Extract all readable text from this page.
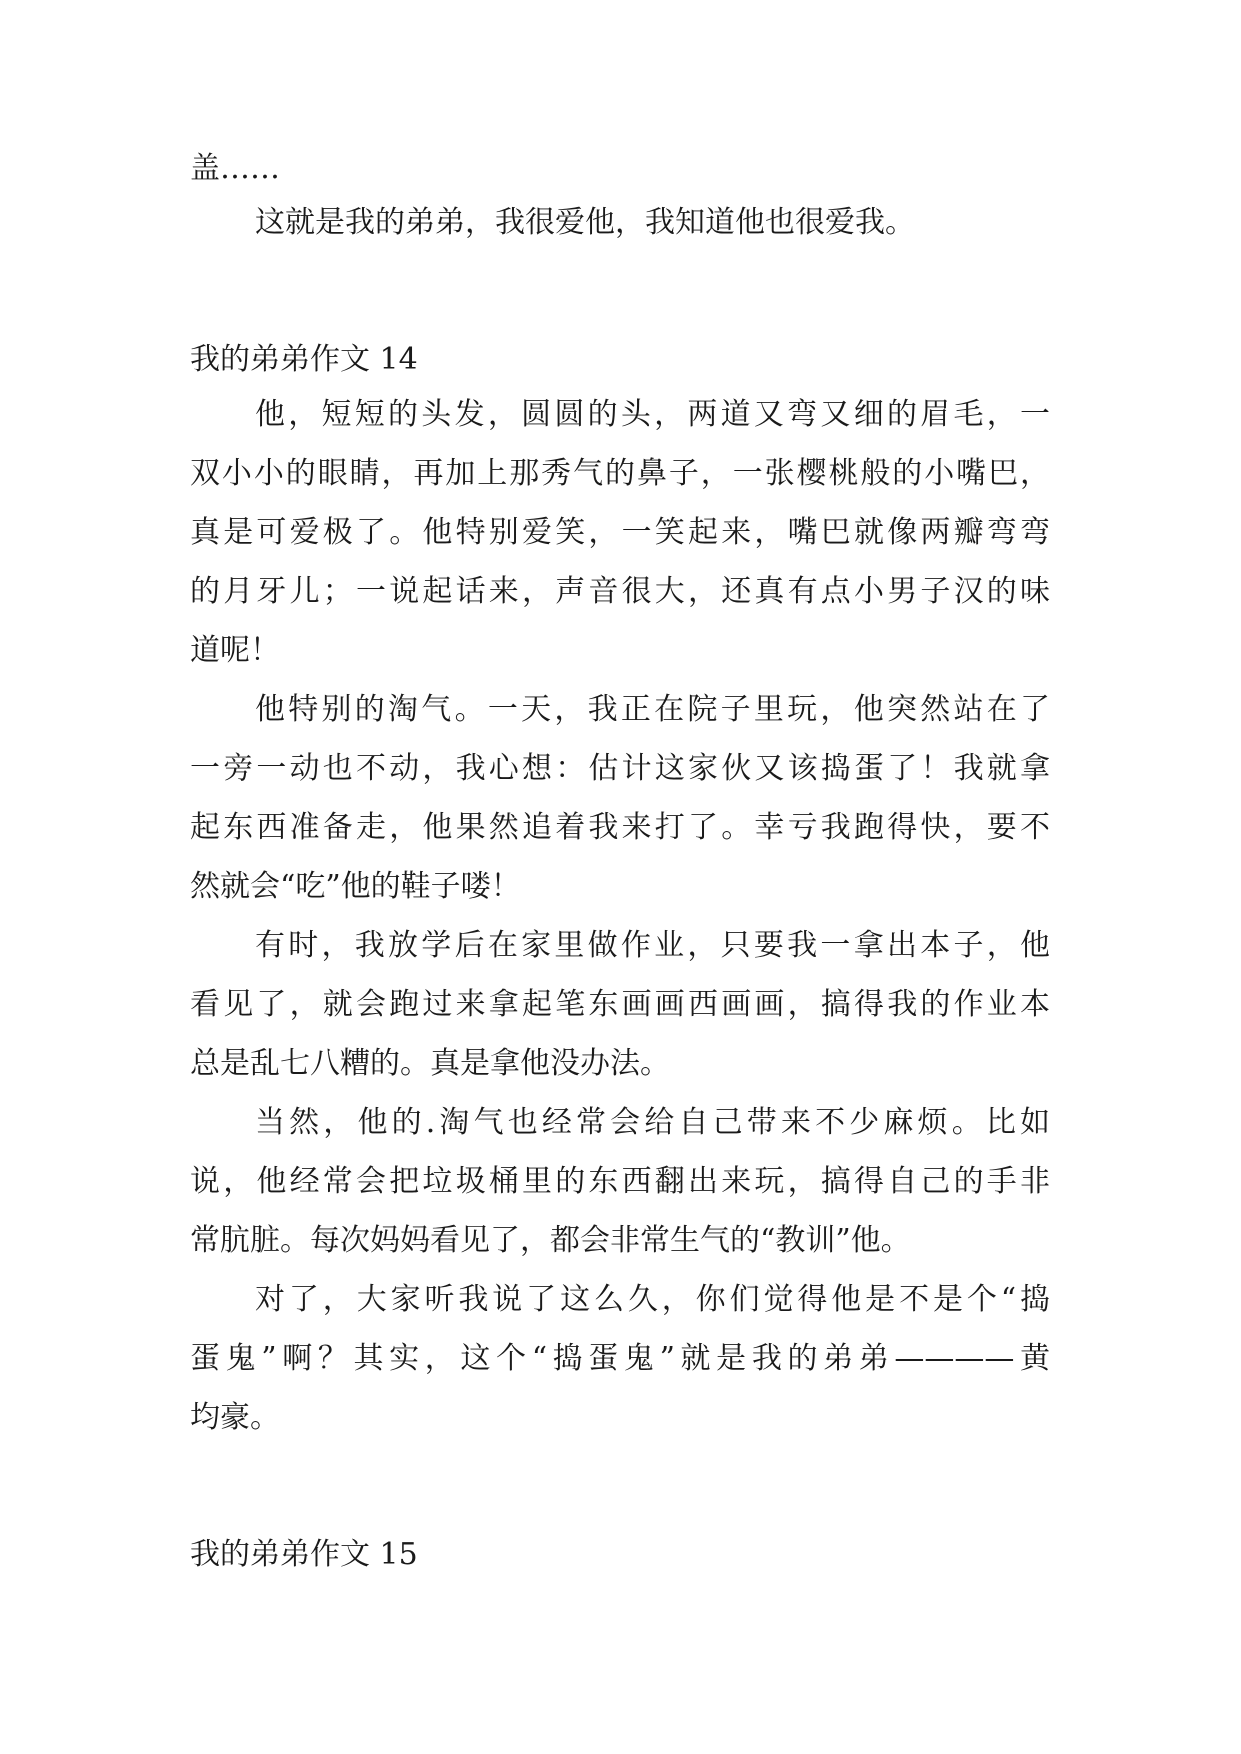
盖……

这就是我的弟弟，我很爱他，我知道他也很爱我。

我的弟弟作文 14

他，短短的头发，圆圆的头，两道又弯又细的眉毛，一

双小小的眼睛，再加上那秀气的鼻子，一张樱桃般的小嘴巴，

真是可爱极了。他特别爱笑，一笑起来，嘴巴就像两瓣弯弯

的月牙儿；一说起话来，声音很大，还真有点小男子汉的味

道呢！

他特别的淘气。一天，我正在院子里玩，他突然站在了

一旁一动也不动，我心想：估计这家伙又该捣蛋了！我就拿

起东西准备走，他果然追着我来打了。幸亏我跑得快，要不

然就会“吃”他的鞋子喽！

有时，我放学后在家里做作业，只要我一拿出本子，他

看见了，就会跑过来拿起笔东画画西画画，搞得我的作业本

总是乱七八糟的。真是拿他没办法。

当然，他的.淘气也经常会给自己带来不少麻烦。比如

说，他经常会把垃圾桶里的东西翻出来玩，搞得自己的手非

常肮脏。每次妈妈看见了，都会非常生气的“教训”他。

对了，大家听我说了这么久，你们觉得他是不是个“捣

蛋鬼”啊？其实，这个“捣蛋鬼”就是我的弟弟————黄

均豪。

我的弟弟作文 15
